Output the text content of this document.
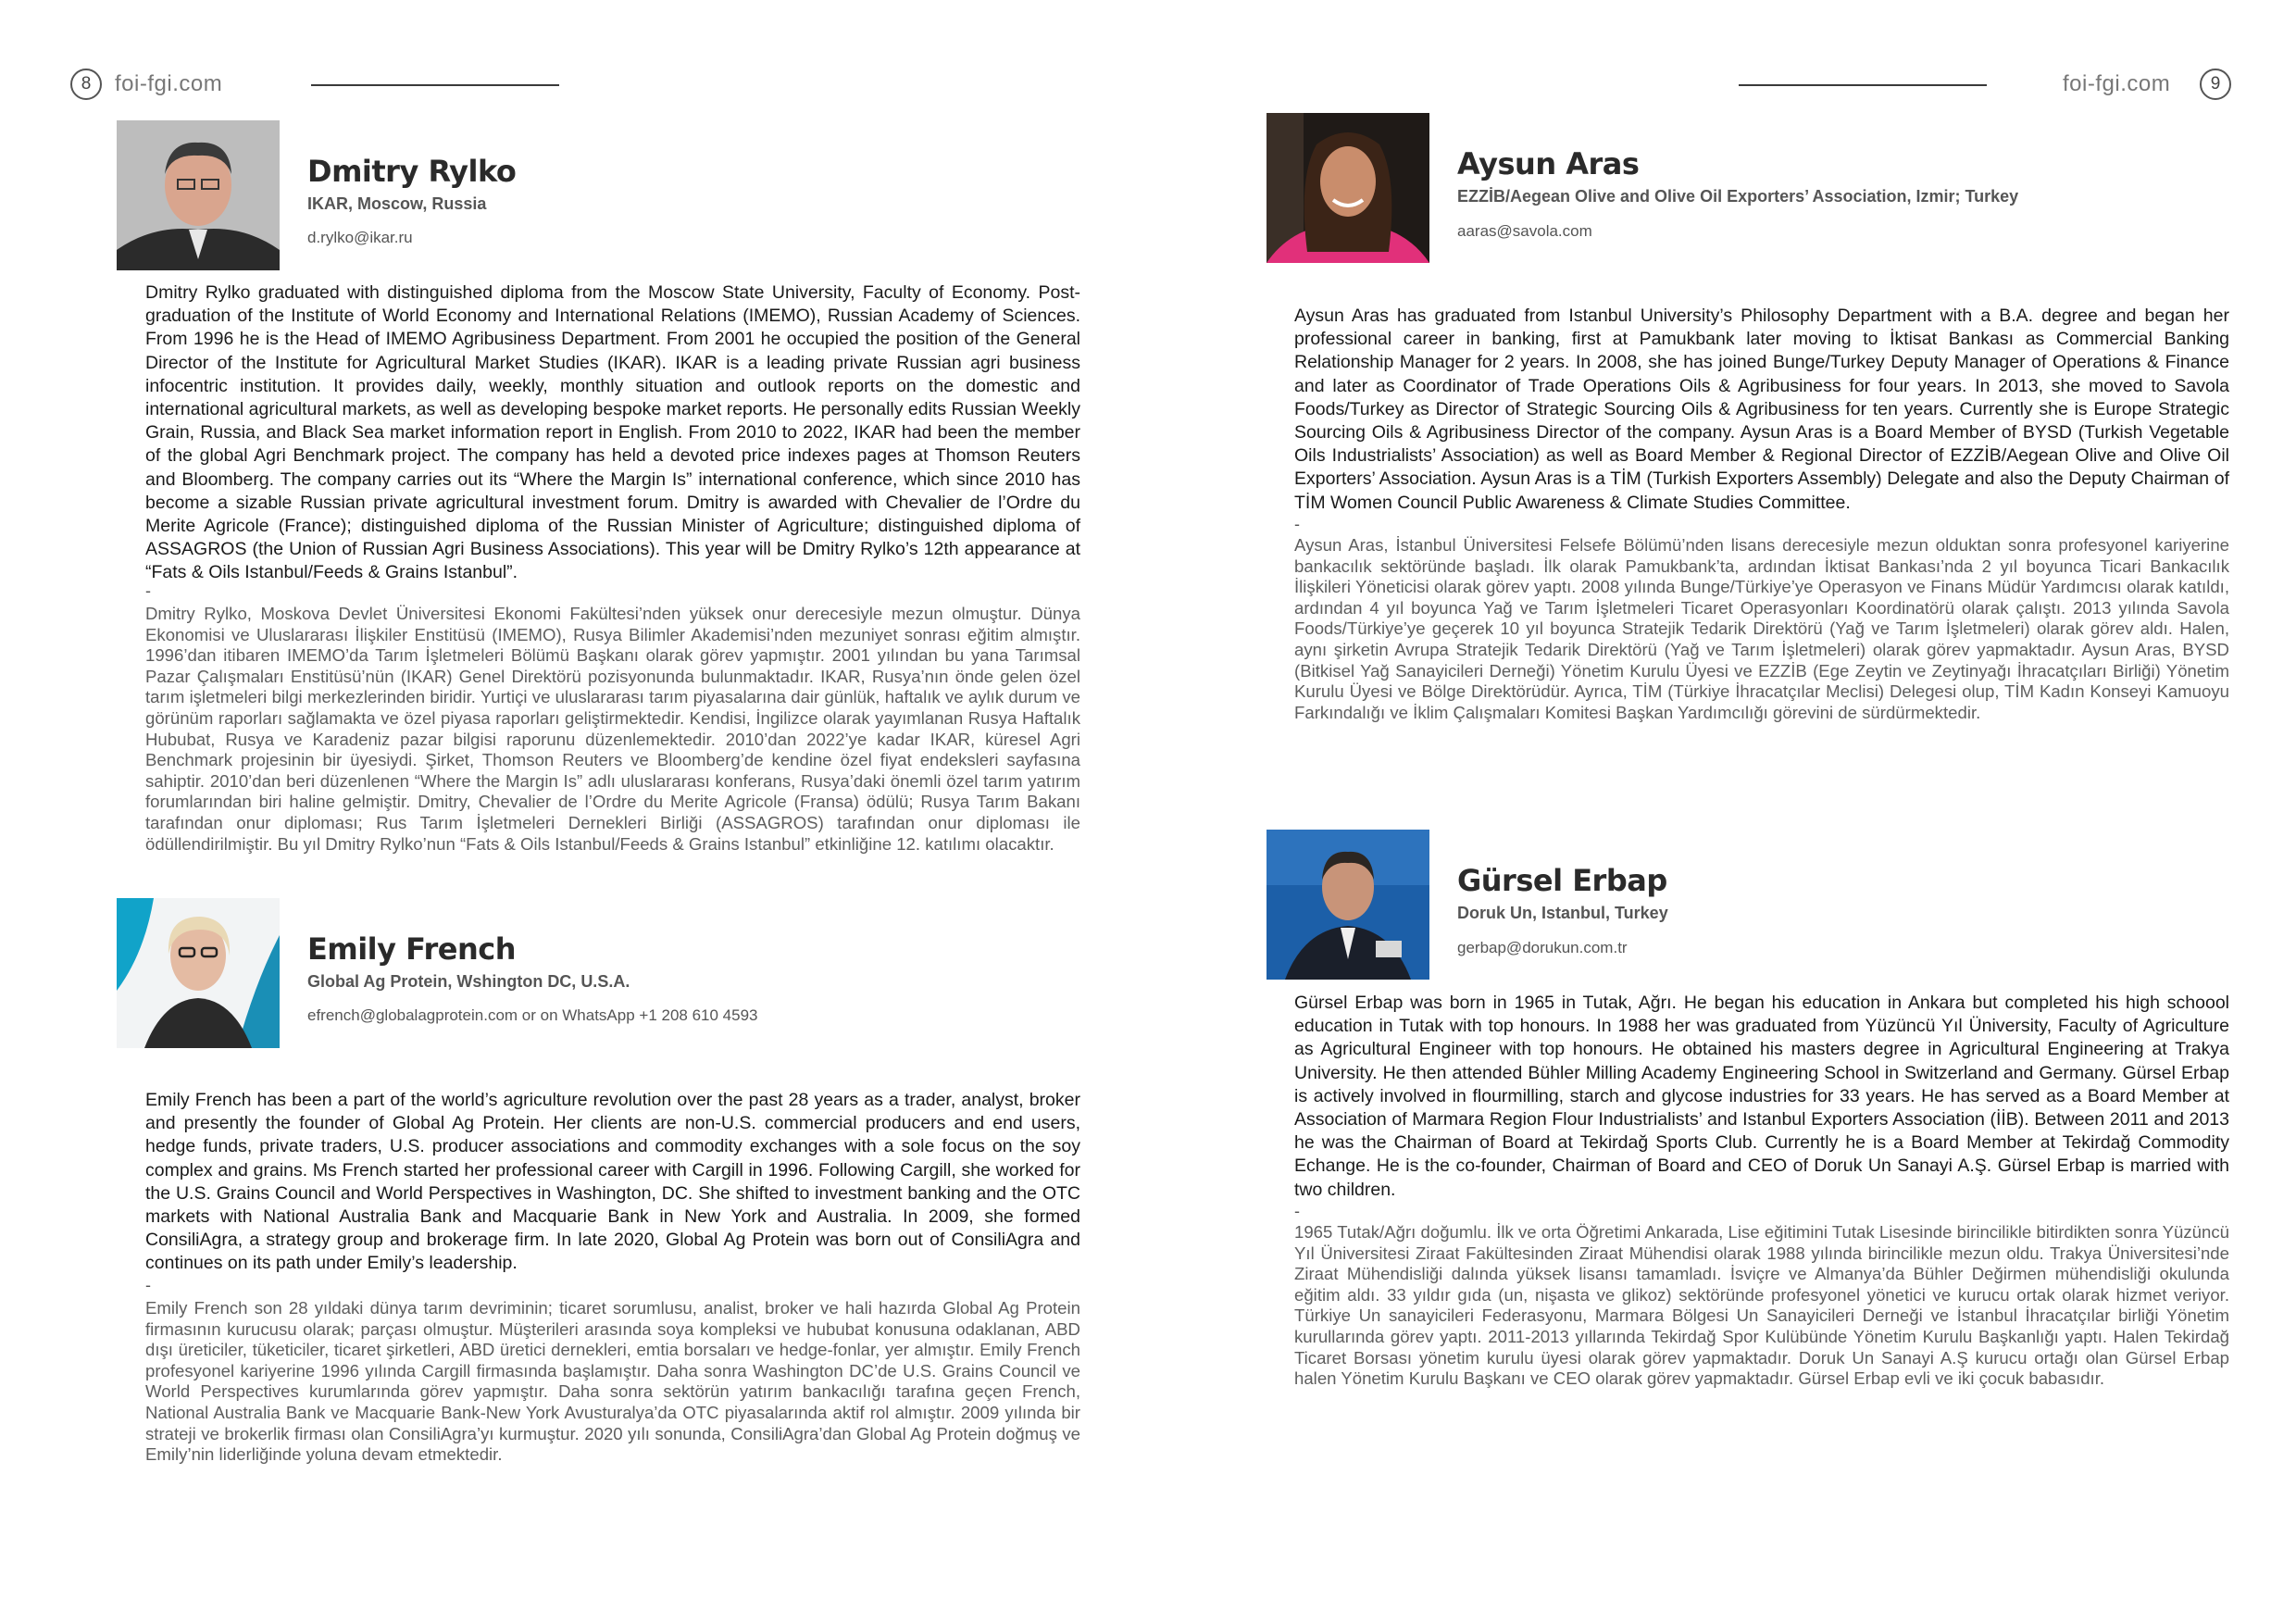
8	foi-fgi.com
Dmitry Rylko
IKAR, Moscow, Russia
d.rylko@ikar.ru

Dmitry Rylko graduated with distinguished diploma from the Moscow State University, Faculty of Economy. Post-graduation of the Institute of World Economy and International Relations (IMEMO), Russian Academy of Sciences. From 1996 he is the Head of IMEMO Agribusiness Department. From 2001 he occupied the position of the General Director of the Institute for Agricultural Market Studies (IKAR). IKAR is a leading private Russian agri business infocentric institution. It provides daily, weekly, monthly situation and outlook reports on the domestic and international agricultural markets, as well as developing bespoke market reports. He personally edits Russian Weekly Grain, Russia, and Black Sea market information report in English. From 2010 to 2022, IKAR had been the member of the global Agri Benchmark project. The company has held a devoted price indexes pages at Thomson Reuters and Bloomberg. The company carries out its “Where the Margin Is” international conference, which since 2010 has become a sizable Russian private agricultural investment forum. Dmitry is awarded with Chevalier de l’Ordre du Merite Agricole (France); distinguished diploma of the Russian Minister of Agriculture; distinguished diploma of ASSAGROS (the Union of Russian Agri Business Associations). This year will be Dmitry Rylko’s 12th appearance at “Fats & Oils Istanbul/Feeds & Grains Istanbul”.

-

Dmitry Rylko, Moskova Devlet Üniversitesi Ekonomi Fakültesi’nden yüksek onur derecesiyle mezun olmuştur. Dünya Ekonomisi ve Uluslararası İlişkiler Enstitüsü (IMEMO), Rusya Bilimler Akademisi’nden mezuniyet sonrası eğitim almıştır. 1996’dan itibaren IMEMO’da Tarım İşletmeleri Bölümü Başkanı olarak görev yapmıştır. 2001 yılından bu yana Tarımsal Pazar Çalışmaları Enstitüsü’nün (IKAR) Genel Direktörü pozisyonunda bulunmaktadır. IKAR, Rusya’nın önde gelen özel tarım işletmeleri bilgi merkezlerinden biridir. Yurtiçi ve uluslararası tarım piyasalarına dair günlük, haftalık ve aylık durum ve görünüm raporları sağlamakta ve özel piyasa raporları geliştirmektedir. Kendisi, İngilizce olarak yayımlanan Rusya Haftalık Hububat, Rusya ve Karadeniz pazar bilgisi raporunu düzenlemektedir. 2010’dan 2022’ye kadar IKAR, küresel Agri Benchmark projesinin bir üyesiydi. Şirket, Thomson Reuters ve Bloomberg’de kendine özel fiyat endeksleri sayfasına sahiptir. 2010’dan beri düzenlenen “Where the Margin Is” adlı uluslararası konferans, Rusya’daki önemli özel tarım yatırım forumlarından biri haline gelmiştir. Dmitry, Chevalier de l’Ordre du Merite Agricole (Fransa) ödülü; Rusya Tarım Bakanı tarafından onur diploması; Rus Tarım İşletmeleri Dernekleri Birliği (ASSAGROS) tarafından onur diploması ile ödüllendirilmiştir. Bu yıl Dmitry Rylko’nun “Fats & Oils Istanbul/Feeds & Grains Istanbul” etkinliğine 12. katılımı olacaktır.

Emily French
Global Ag Protein, Wshington DC, U.S.A.
efrench@globalagprotein.com or on WhatsApp +1 208 610 4593

Emily French has been a part of the world’s agriculture revolution over the past 28 years as a trader, analyst, broker and presently the founder of Global Ag Protein. Her clients are non-U.S. commercial producers and end users, hedge funds, private traders, U.S. producer associations and commodity exchanges with a sole focus on the soy complex and grains. Ms French started her professional career with Cargill in 1996. Following Cargill, she worked for the U.S. Grains Council and World Perspectives in Washington, DC. She shifted to investment banking and the OTC markets with National Australia Bank and Macquarie Bank in New York and Australia. In 2009, she formed ConsiliAgra, a strategy group and brokerage firm. In late 2020, Global Ag Protein was born out of ConsiliAgra and continues on its path under Emily’s leadership.

-

Emily French son 28 yıldaki dünya tarım devriminin; ticaret sorumlusu, analist, broker ve hali hazırda Global Ag Protein firmasının kurucusu olarak; parçası olmuştur. Müşterileri arasında soya kompleksi ve hububat konusuna odaklanan, ABD dışı üreticiler, tüketiciler, ticaret şirketleri, ABD üretici dernekleri, emtia borsaları ve hedge-fonlar, yer almıştır. Emily French profesyonel kariyerine 1996 yılında Cargill firmasında başlamıştır. Daha sonra Washington DC’de U.S. Grains Council ve World Perspectives kurumlarında görev yapmıştır. Daha sonra sektörün yatırım bankacılığı tarafına geçen French, National Australia Bank ve Macquarie Bank-New York Avusturalya’da OTC piyasalarında aktif rol almıştır. 2009 yılında bir strateji ve brokerlik firması olan ConsiliAgra’yı kurmuştur. 2020 yılı sonunda, ConsiliAgra’dan Global Ag Protein doğmuş ve Emily’nin liderliğinde yoluna devam etmektedir.

foi-fgi.com	9
Aysun Aras
EZZİB/Aegean Olive and Olive Oil Exporters’ Association, Izmir; Turkey
aaras@savola.com

Aysun Aras has graduated from Istanbul University’s Philosophy Department with a B.A. degree and began her professional career in banking, first at Pamukbank later moving to İktisat Bankası as Commercial Banking Relationship Manager for 2 years. In 2008, she has joined Bunge/Turkey Deputy Manager of Operations & Finance and later as Coordinator of Trade Operations Oils & Agribusiness for four years. In 2013, she moved to Savola Foods/Turkey as Director of Strategic Sourcing Oils & Agribusiness for ten years. Currently she is Europe Strategic Sourcing Oils & Agribusiness Director of the company. Aysun Aras is a Board Member of BYSD (Turkish Vegetable Oils Industrialists’ Association) as well as Board Member & Regional Director of EZZİB/Aegean Olive and Olive Oil Exporters’ Association. Aysun Aras is a TİM (Turkish Exporters Assembly) Delegate and also the Deputy Chairman of TİM Women Council Public Awareness & Climate Studies Committee.

-

Aysun Aras, İstanbul Üniversitesi Felsefe Bölümü’nden lisans derecesiyle mezun olduktan sonra profesyonel kariyerine bankacılık sektöründe başladı. İlk olarak Pamukbank’ta, ardından İktisat Bankası’nda 2 yıl boyunca Ticari Bankacılık İlişkileri Yöneticisi olarak görev yaptı. 2008 yılında Bunge/Türkiye’ye Operasyon ve Finans Müdür Yardımcısı olarak katıldı, ardından 4 yıl boyunca Yağ ve Tarım İşletmeleri Ticaret Operasyonları Koordinatörü olarak çalıştı. 2013 yılında Savola Foods/Türkiye’ye geçerek 10 yıl boyunca Stratejik Tedarik Direktörü (Yağ ve Tarım İşletmeleri) olarak görev aldı. Halen, aynı şirketin Avrupa Stratejik Tedarik Direktörü (Yağ ve Tarım İşletmeleri) olarak görev yapmaktadır. Aysun Aras, BYSD (Bitkisel Yağ Sanayicileri Derneği) Yönetim Kurulu Üyesi ve EZZİB (Ege Zeytin ve Zeytinyağı İhracatçıları Birliği) Yönetim Kurulu Üyesi ve Bölge Direktörüdür. Ayrıca, TİM (Türkiye İhracatçılar Meclisi) Delegesi olup, TİM Kadın Konseyi Kamuoyu Farkındalığı ve İklim Çalışmaları Komitesi Başkan Yardımcılığı görevini de sürdürmektedir.

Gürsel Erbap
Doruk Un, Istanbul, Turkey
gerbap@dorukun.com.tr

Gürsel Erbap was born in 1965 in Tutak, Ağrı. He began his education in Ankara but completed his high schoool education in Tutak with top honours. In 1988 her was graduated from Yüzüncü Yıl Üniversity, Faculty of Agriculture as Agricultural Engineer with top honours. He obtained his masters degree in Agricultural Engineering at Trakya University. He then attended Bühler Milling Academy Engineering School in Switzerland and Germany. Gürsel Erbap is actively involved in flourmilling, starch and glycose industries for 33 years. He has served as a Board Member at Association of Marmara Region Flour Industrialists’ and Istanbul Exporters Association (İİB). Between 2011 and 2013 he was the Chairman of Board at Tekirdağ Sports Club. Currently he is a Board Member at Tekirdağ Commodity Echange. He is the co-founder, Chairman of Board and CEO of Doruk Un Sanayi A.Ş. Gürsel Erbap is married with two children.

-

1965 Tutak/Ağrı doğumlu. İlk ve orta Öğretimi Ankarada, Lise eğitimini Tutak Lisesinde birincilikle bitirdikten sonra Yüzüncü Yıl Üniversitesi Ziraat Fakültesinden Ziraat Mühendisi olarak 1988 yılında birincilikle mezun oldu. Trakya Üniversitesi’nde Ziraat Mühendisliği dalında yüksek lisansı tamamladı. İsviçre ve Almanya’da Bühler Değirmen mühendisliği okulunda eğitim aldı. 33 yıldır gıda (un, nişasta ve glikoz) sektöründe profesyonel yönetici ve kurucu ortak olarak hizmet veriyor. Türkiye Un sanayicileri Federasyonu, Marmara Bölgesi Un Sanayicileri Derneği ve İstanbul İhracatçılar birliği Yönetim kurullarında görev yaptı. 2011-2013 yıllarında Tekirdağ Spor Kulübünde Yönetim Kurulu Başkanlığı yaptı. Halen Tekirdağ Ticaret Borsası yönetim kurulu üyesi olarak görev yapmaktadır. Doruk Un Sanayi A.Ş kurucu ortağı olan Gürsel Erbap halen Yönetim Kurulu Başkanı ve CEO olarak görev yapmaktadır. Gürsel Erbap evli ve iki çocuk babasıdır.
